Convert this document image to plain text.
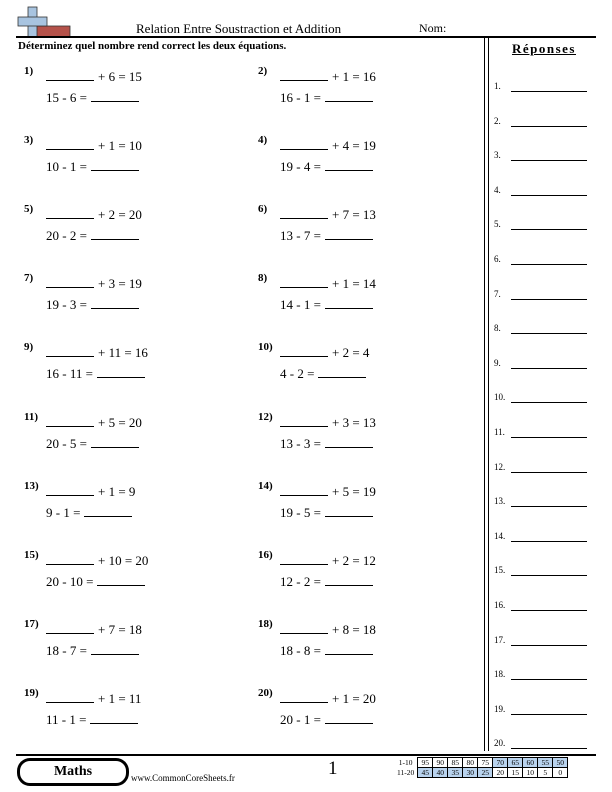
Relation Entre Soustraction et Addition	Nom:
Déterminez quel nombre rend correct les deux équations.
1)	+ 6 = 15
15 - 6 =
2)	+ 1 = 16
16 - 1 =
3)	+ 1 = 10
10 - 1 =
4)	+ 4 = 19
19 - 4 =
5)	+ 2 = 20
20 - 2 =
6)	+ 7 = 13
13 - 7 =
7)	+ 3 = 19
19 - 3 =
8)	+ 1 = 14
14 - 1 =
9)	+ 11 = 16
16 - 11 =
10)	+ 2 = 4
4 - 2 =
11)	+ 5 = 20
20 - 5 =
12)	+ 3 = 13
13 - 3 =
13)	+ 1 = 9
9 - 1 =
14)	+ 5 = 19
19 - 5 =
15)	+ 10 = 20
20 - 10 =
16)	+ 2 = 12
12 - 2 =
17)	+ 7 = 18
18 - 7 =
18)	+ 8 = 18
18 - 8 =
19)	+ 1 = 11
11 - 1 =
20)	+ 1 = 20
20 - 1 =
Réponses
1.
2.
3.
4.
5.
6.
7.
8.
9.
10.
11.
12.
13.
14.
15.
16.
17.
18.
19.
20.
Maths	www.CommonCoreSheets.fr	1	1-10	95	90	85	80	75	70	65	60	55	50
11-20	45	40	35	30	25	20	15	10	5	0
